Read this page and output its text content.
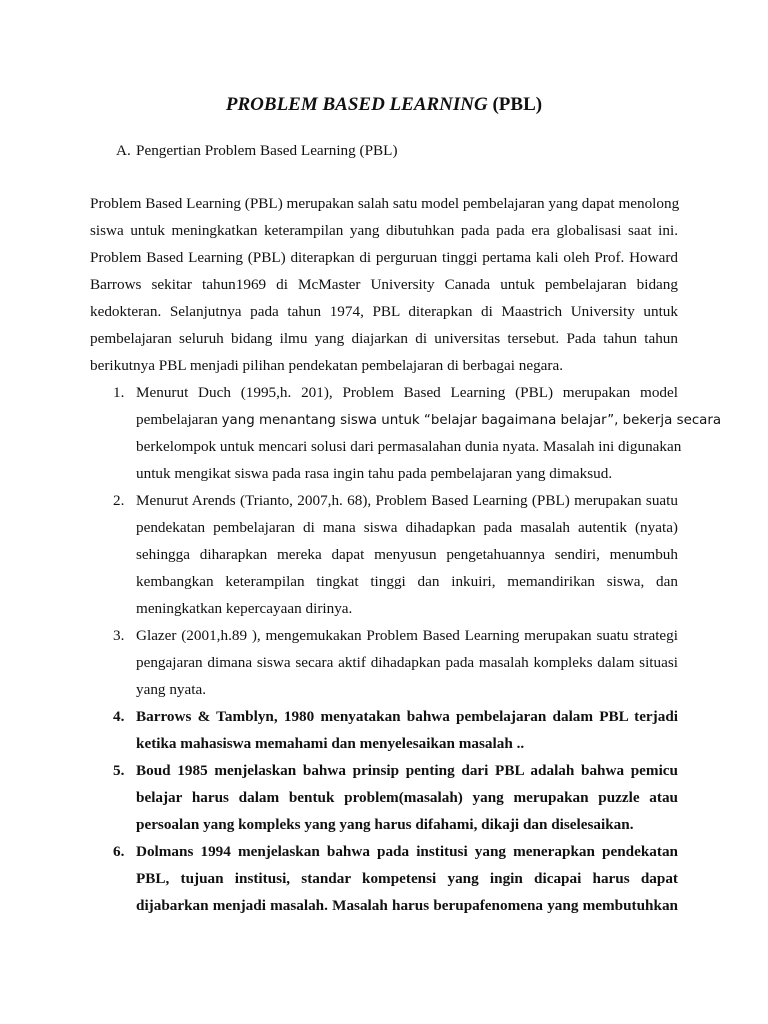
PROBLEM BASED LEARNING (PBL)
A. Pengertian Problem Based Learning (PBL)
Problem Based Learning (PBL) merupakan salah satu model pembelajaran yang dapat menolong
siswa untuk meningkatkan keterampilan yang dibutuhkan pada pada era globalisasi saat ini.
Problem Based Learning (PBL) diterapkan di perguruan tinggi pertama kali oleh Prof. Howard
Barrows sekitar tahun1969 di McMaster University Canada untuk pembelajaran bidang
kedokteran. Selanjutnya pada tahun 1974, PBL diterapkan di Maastrich University untuk
pembelajaran seluruh bidang ilmu yang diajarkan di universitas tersebut. Pada tahun tahun
berikutnya PBL menjadi pilihan pendekatan pembelajaran di berbagai negara.
1. Menurut Duch (1995,h. 201), Problem Based Learning (PBL) merupakan model
pembelajaran yang menantang siswa untuk “belajar bagaimana belajar”, bekerja secara
berkelompok untuk mencari solusi dari permasalahan dunia nyata. Masalah ini digunakan
untuk mengikat siswa pada rasa ingin tahu pada pembelajaran yang dimaksud.
2. Menurut Arends (Trianto, 2007,h. 68), Problem Based Learning (PBL) merupakan suatu
pendekatan pembelajaran di mana siswa dihadapkan pada masalah autentik (nyata)
sehingga diharapkan mereka dapat menyusun pengetahuannya sendiri, menumbuh
kembangkan keterampilan tingkat tinggi dan inkuiri, memandirikan siswa, dan
meningkatkan kepercayaan dirinya.
3. Glazer (2001,h.89 ), mengemukakan Problem Based Learning merupakan suatu strategi
pengajaran dimana siswa secara aktif dihadapkan pada masalah kompleks dalam situasi
yang nyata.
4. Barrows & Tamblyn, 1980 menyatakan bahwa pembelajaran dalam PBL terjadi
ketika mahasiswa memahami dan menyelesaikan masalah ..
5. Boud 1985 menjelaskan bahwa prinsip penting dari PBL adalah bahwa pemicu
belajar harus dalam bentuk problem(masalah) yang merupakan puzzle atau
persoalan yang kompleks yang yang harus difahami, dikaji dan diselesaikan.
6. Dolmans 1994 menjelaskan bahwa pada institusi yang menerapkan pendekatan
PBL, tujuan institusi, standar kompetensi yang ingin dicapai harus dapat
dijabarkan menjadi masalah. Masalah harus berupafenomena yang membutuhkan
